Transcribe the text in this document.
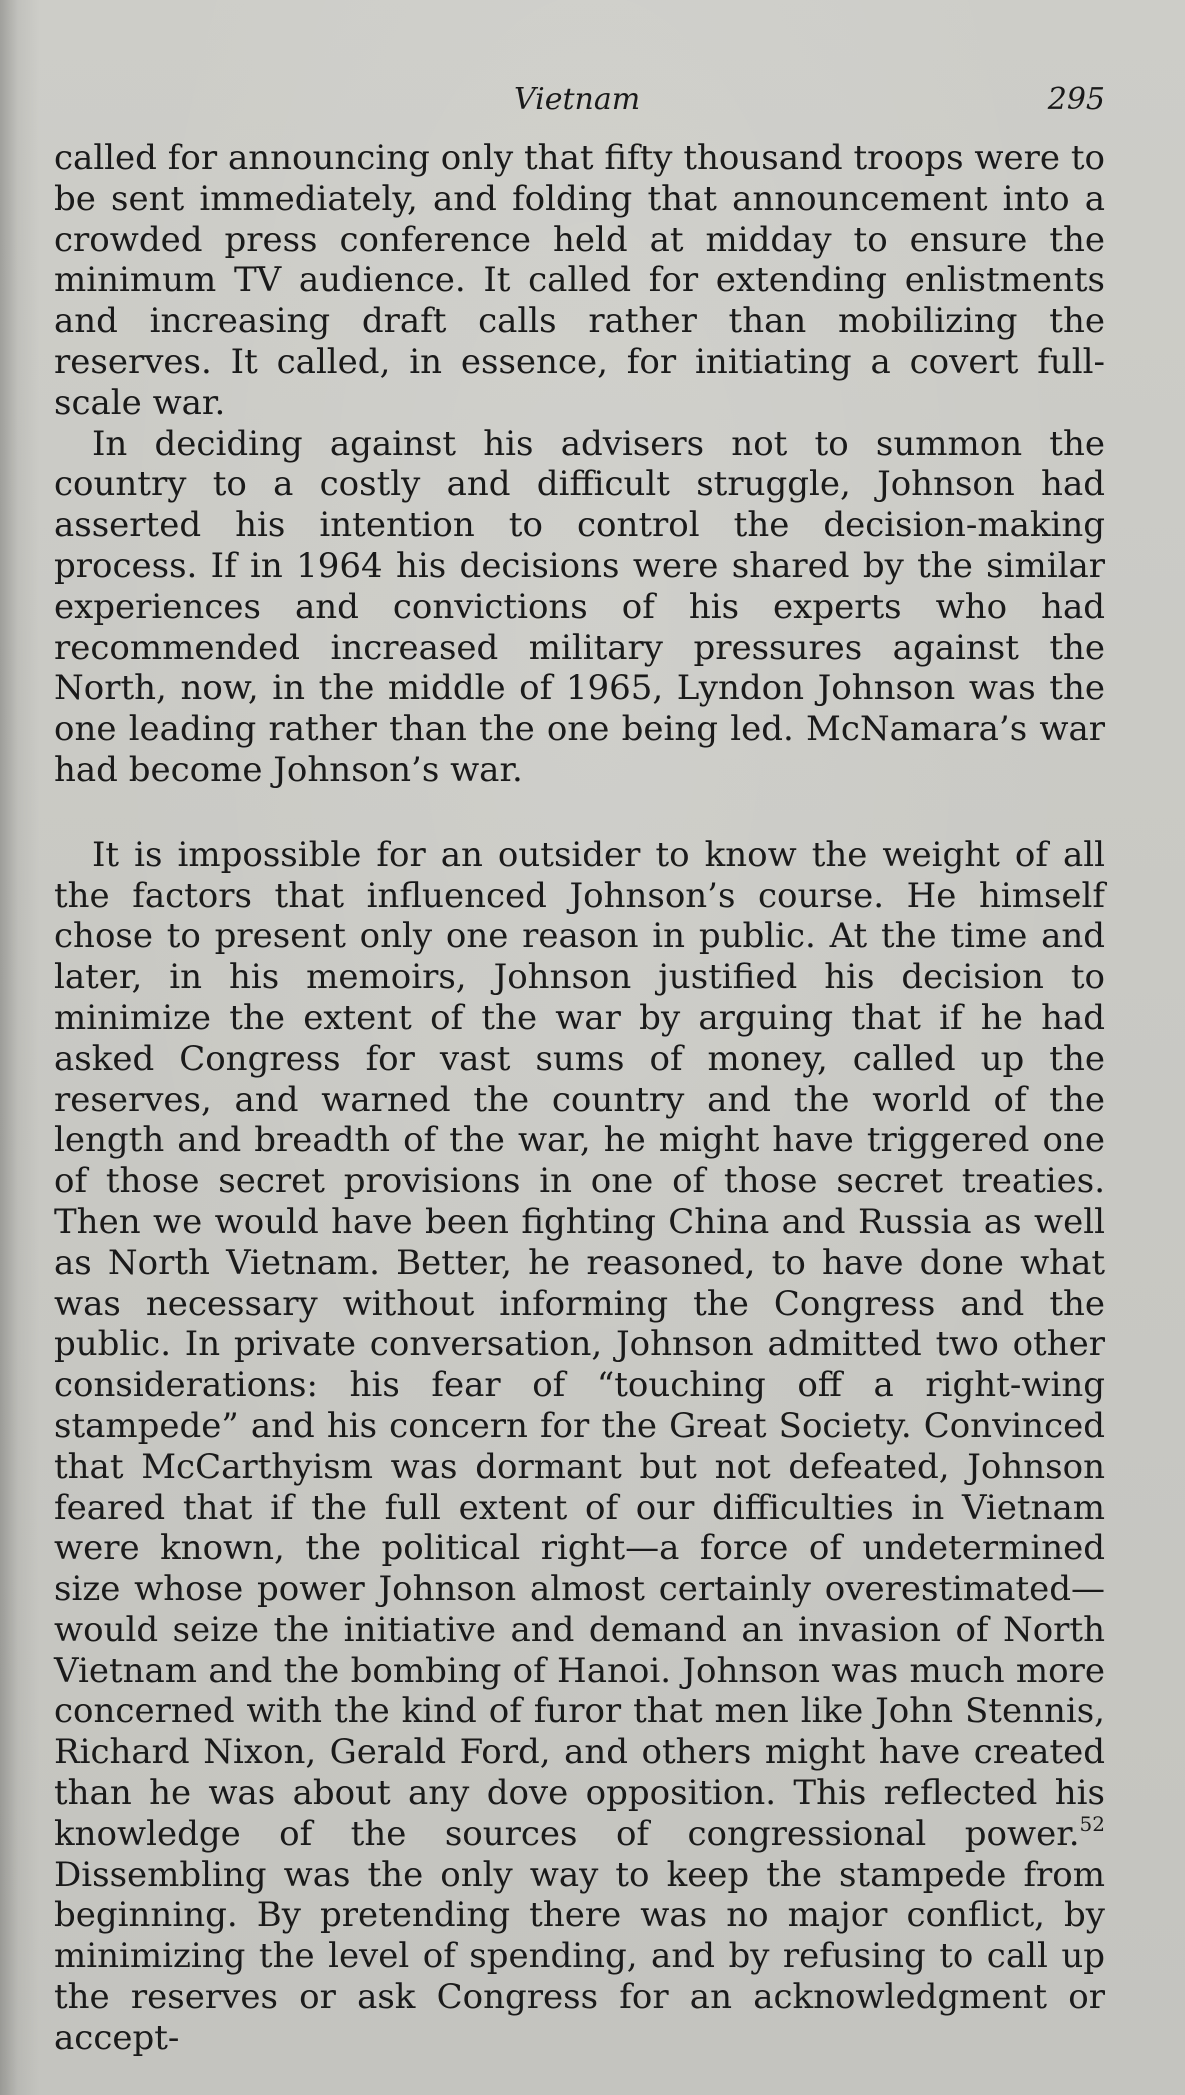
Vietnam	295

called for announcing only that fifty thousand troops were to be sent immediately, and folding that announcement into a crowded press conference held at midday to ensure the minimum TV audience. It called for extending enlistments and increasing draft calls rather than mobilizing the reserves. It called, in essence, for initiating a covert full-scale war.

In deciding against his advisers not to summon the country to a costly and difficult struggle, Johnson had asserted his intention to control the decision-making process. If in 1964 his decisions were shared by the similar experiences and convictions of his experts who had recommended increased military pressures against the North, now, in the middle of 1965, Lyndon Johnson was the one leading rather than the one being led. McNamara’s war had become Johnson’s war.

It is impossible for an outsider to know the weight of all the factors that influenced Johnson’s course. He himself chose to present only one reason in public. At the time and later, in his memoirs, Johnson justified his decision to minimize the extent of the war by arguing that if he had asked Congress for vast sums of money, called up the reserves, and warned the country and the world of the length and breadth of the war, he might have triggered one of those secret provisions in one of those secret treaties. Then we would have been fighting China and Russia as well as North Vietnam. Better, he reasoned, to have done what was necessary without informing the Congress and the public. In private conversation, Johnson admitted two other considerations: his fear of “touching off a right-wing stampede” and his concern for the Great Society. Convinced that McCarthyism was dormant but not defeated, Johnson feared that if the full extent of our difficulties in Vietnam were known, the political right—a force of undetermined size whose power Johnson almost certainly overestimated—would seize the initiative and demand an invasion of North Vietnam and the bombing of Hanoi. Johnson was much more concerned with the kind of furor that men like John Stennis, Richard Nixon, Gerald Ford, and others might have created than he was about any dove opposition. This reflected his knowledge of the sources of congressional power.$^{52}$ Dissembling was the only way to keep the stampede from beginning. By pretending there was no major conflict, by minimizing the level of spending, and by refusing to call up the reserves or ask Congress for an acknowledgment or accept-
